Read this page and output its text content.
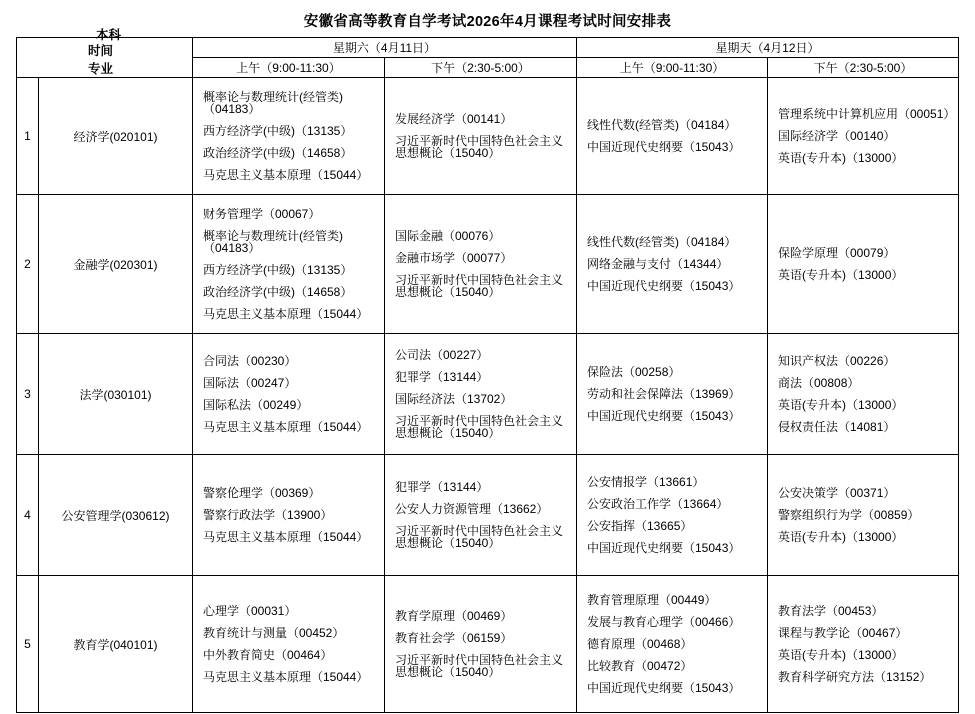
安徽省高等教育自学考试2026年4月课程考试时间安排表
本科
时间
专业		星期六（4月11日）		星期天（4月12日）	
		上午（9:00-11:30）	下午（2:30-5:00）	上午（9:00-11:30）	下午（2:30-5:00）
1	经济学(020101)	
概率论与数理统计(经管类)（04183）
西方经济学(中级)（13135）
政治经济学(中级)（14658）
马克思主义基本原理（15044）

发展经济学（00141）
习近平新时代中国特色社会主义思想概论（15040）

线性代数(经管类)（04184）
中国近现代史纲要（15043）

管理系统中计算机应用（00051）
国际经济学（00140）
英语(专升本)（13000）

2	金融学(020301)	
财务管理学（00067）
概率论与数理统计(经管类)（04183）
西方经济学(中级)（13135）
政治经济学(中级)（14658）
马克思主义基本原理（15044）

国际金融（00076）
金融市场学（00077）
习近平新时代中国特色社会主义思想概论（15040）

线性代数(经管类)（04184）
网络金融与支付（14344）
中国近现代史纲要（15043）

保险学原理（00079）
英语(专升本)（13000）

3	法学(030101)	
合同法（00230）
国际法（00247）
国际私法（00249）
马克思主义基本原理（15044）

公司法（00227）
犯罪学（13144）
国际经济法（13702）
习近平新时代中国特色社会主义思想概论（15040）

保险法（00258）
劳动和社会保障法（13969）
中国近现代史纲要（15043）

知识产权法（00226）
商法（00808）
英语(专升本)（13000）
侵权责任法（14081）

4	公安管理学(030612)	
警察伦理学（00369）
警察行政法学（13900）
马克思主义基本原理（15044）

犯罪学（13144）
公安人力资源管理（13662）
习近平新时代中国特色社会主义思想概论（15040）

公安情报学（13661）
公安政治工作学（13664）
公安指挥（13665）
中国近现代史纲要（15043）

公安决策学（00371）
警察组织行为学（00859）
英语(专升本)（13000）

5	教育学(040101)	
心理学（00031）
教育统计与测量（00452）
中外教育简史（00464）
马克思主义基本原理（15044）

教育学原理（00469）
教育社会学（06159）
习近平新时代中国特色社会主义思想概论（15040）

教育管理原理（00449）
发展与教育心理学（00466）
德育原理（00468）
比较教育（00472）
中国近现代史纲要（15043）

教育法学（00453）
课程与教学论（00467）
英语(专升本)（13000）
教育科学研究方法（13152）
